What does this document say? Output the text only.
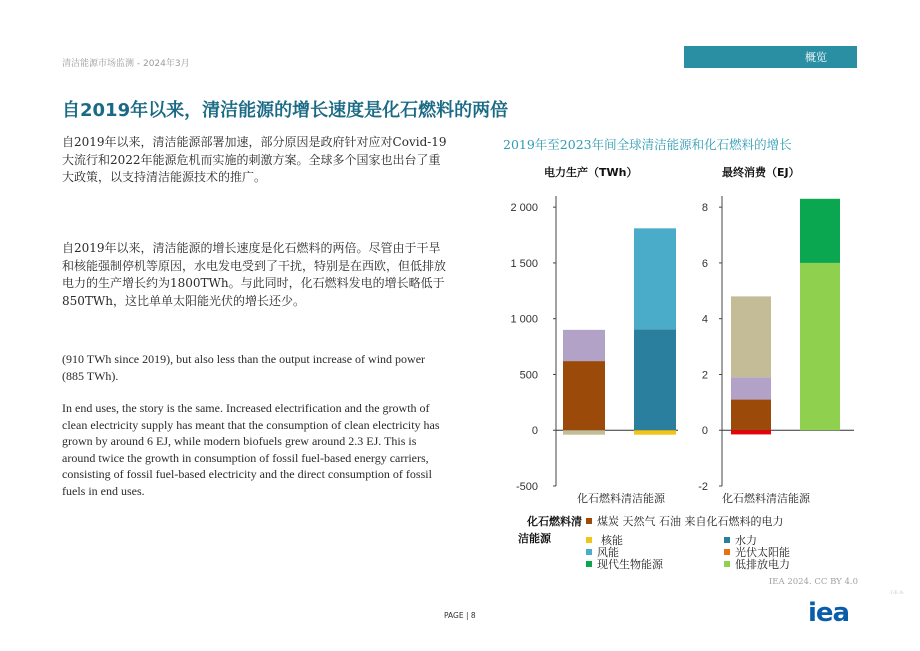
清洁能源市场监测 - 2024年3月	概览
自2019年以来，清洁能源的增长速度是化石燃料的两倍

自2019年以来，清洁能源部署加速，部分原因是政府针对应对Covid-19大流行和2022年能源危机而实施的刺激方案。全球多个国家也出台了重大政策，以支持清洁能源技术的推广。

自2019年以来，清洁能源的增长速度是化石燃料的两倍。尽管由于干旱和核能强制停机等原因，水电发电受到了干扰，特别是在西欧，但低排放电力的生产增长约为1800TWh。与此同时，化石燃料发电的增长略低于850TWh，这比单单太阳能光伏的增长还少。

(910 TWh since 2019), but also less than the output increase of wind power (885 TWh).

In end uses, the story is the same. Increased electrification and the growth of clean electricity supply has meant that the consumption of clean electricity has grown by around 6 EJ, while modern biofuels grew around 2.3 EJ. This is around twice the growth in consumption of fossil fuel-based energy carriers, consisting of fossil fuel-based electricity and the direct consumption of fossil fuels in end uses.

2019年至2023年间全球清洁能源和化石燃料的增长
电力生产（TWh）	最终消费（EJ）
-500
0
500
1 000
1 500
2 000
-2
0
2
4
6
8
化石燃料清洁能源	化石燃料清洁能源
化石燃料清
洁能源
煤炭 天然气 石油 来自化石燃料的电力
核能	水力
风能	光伏太阳能
现代生物能源	低排放电力
IEA 2024. CC BY 4.0
PAGE | 8	iea
·I·E·A·
